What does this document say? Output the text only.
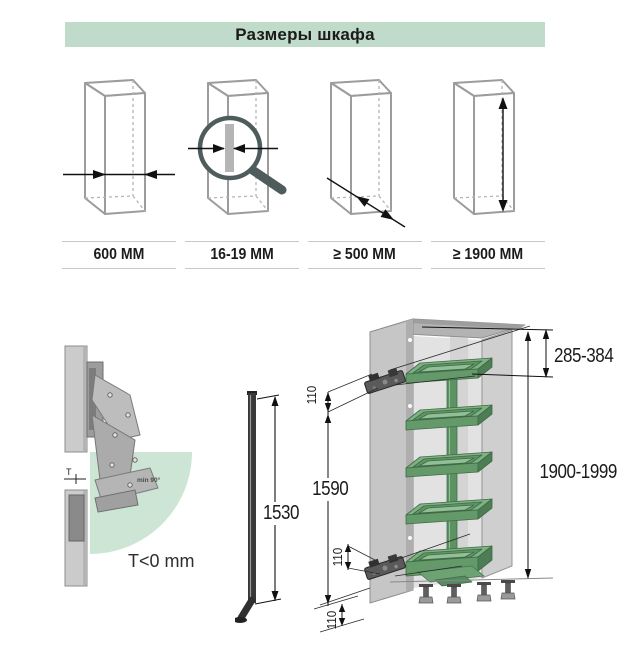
Размеры шкафа
600 ММ	16-19 ММ	≥ 500 ММ	≥ 1900 ММ
T
min 90°
T<0 mm
1530
285-384
1900-1999
1590
110
110
110
